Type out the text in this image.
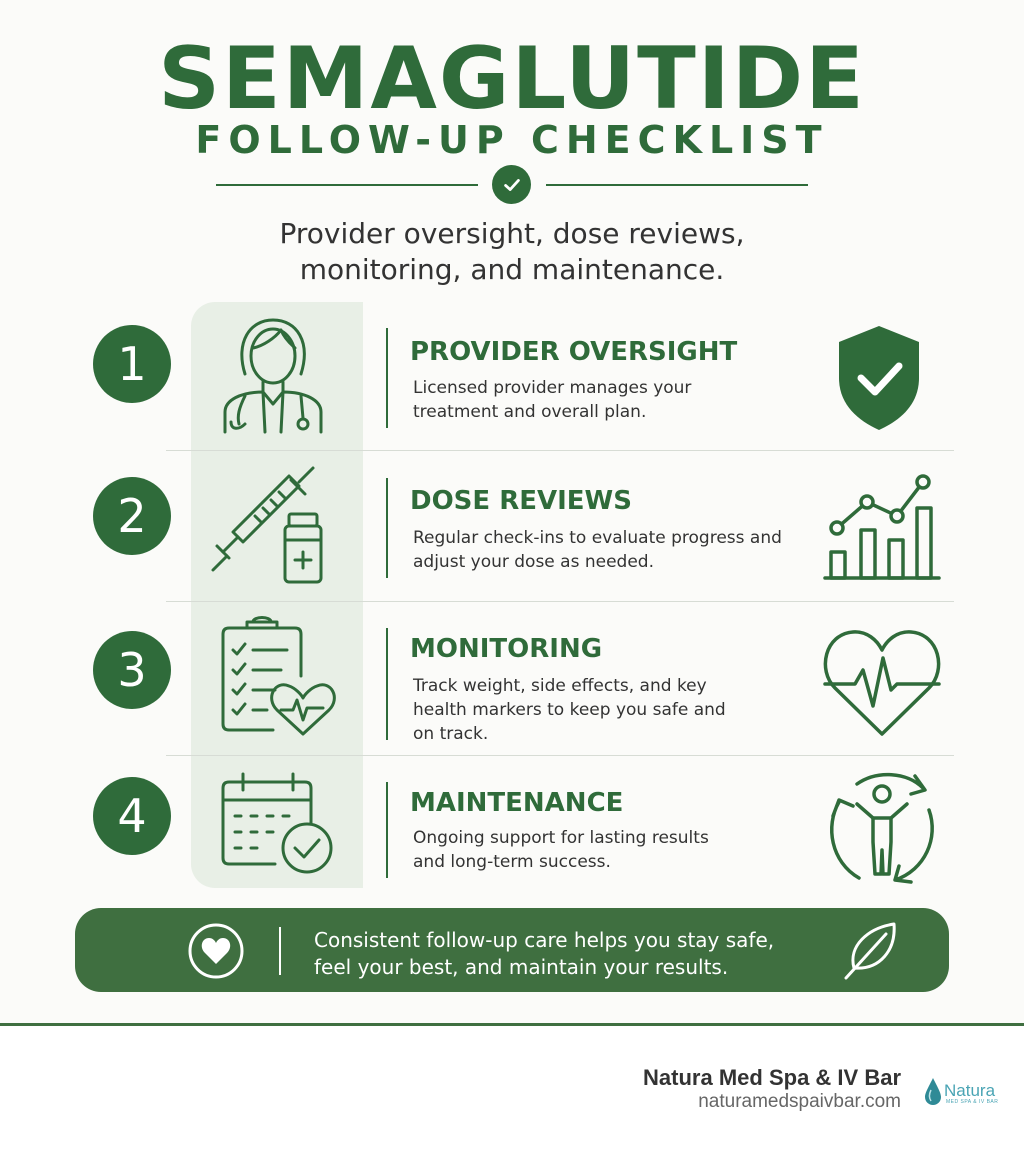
SEMAGLUTIDE
FOLLOW-UP CHECKLIST
Provider oversight, dose reviews,
monitoring, and maintenance.
1	PROVIDER OVERSIGHT
Licensed provider manages your treatment and overall plan.
2	DOSE REVIEWS
Regular check-ins to evaluate progress and adjust your dose as needed.
3	MONITORING
Track weight, side effects, and key health markers to keep you safe and on track.
4	MAINTENANCE
Ongoing support for lasting results and long-term success.
Consistent follow-up care helps you stay safe,
feel your best, and maintain your results.
Natura Med Spa & IV Bar
naturamedspaivbar.com
Natura
MED SPA & IV BAR
